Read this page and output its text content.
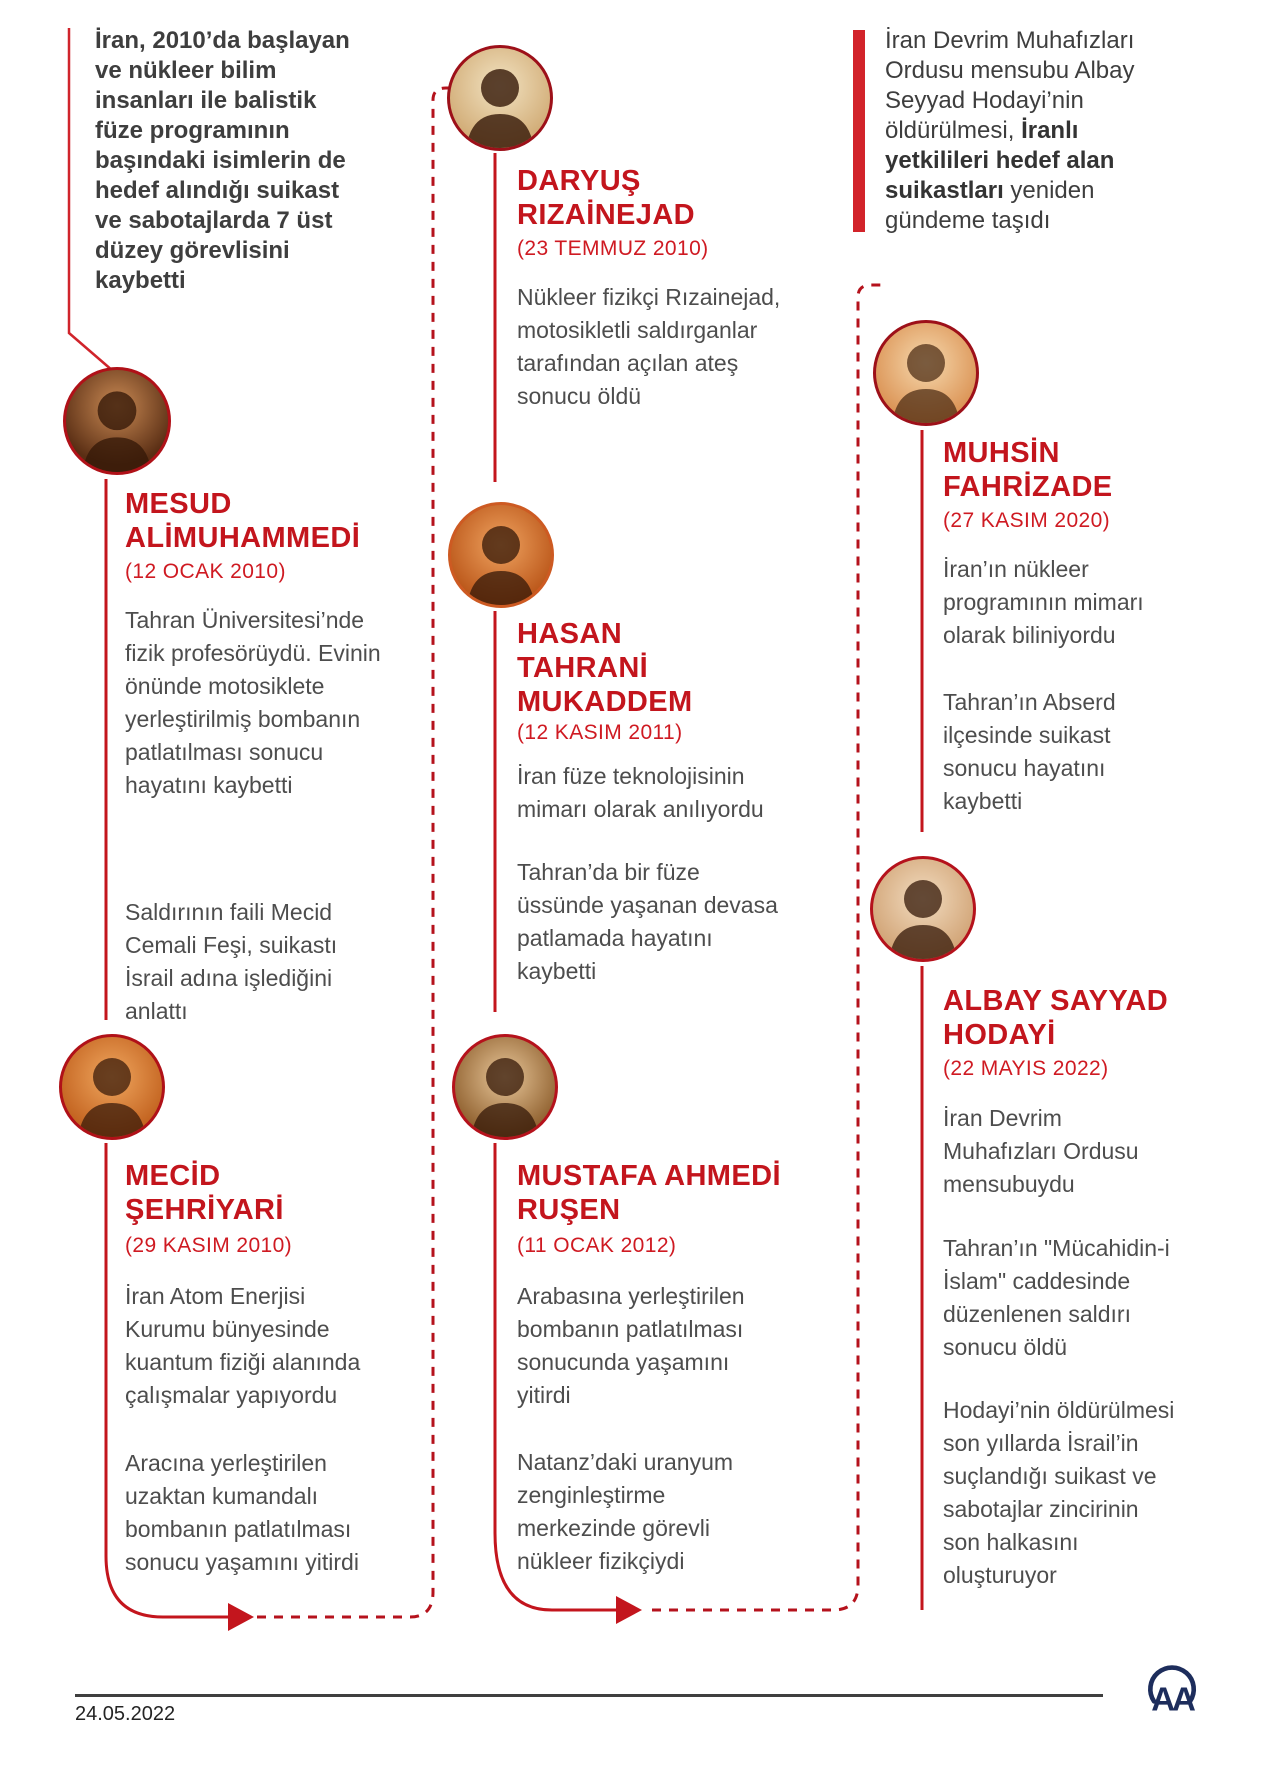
İran, 2010’da başlayan ve nükleer bilim insanları ile balistik füze programının başındaki isimlerin de hedef alındığı suikast ve sabotajlarda 7 üst düzey görevlisini kaybetti

İran Devrim Muhafızları Ordusu mensubu Albay Seyyad Hodayi’nin öldürülmesi, İranlı yetkilileri hedef alan suikastları yeniden gündeme taşıdı

MESUD ALİMUHAMMEDİ
(12 OCAK 2010)

Tahran Üniversitesi’nde fizik profesörüydü. Evinin önünde motosiklete yerleştirilmiş bombanın patlatılması sonucu hayatını kaybetti

Saldırının faili Mecid Cemali Feşi, suikastı İsrail adına işlediğini anlattı

MECİD ŞEHRİYARİ
(29 KASIM 2010)

İran Atom Enerjisi Kurumu bünyesinde kuantum fiziği alanında çalışmalar yapıyordu

Aracına yerleştirilen uzaktan kumandalı bombanın patlatılması sonucu yaşamını yitirdi

DARYUŞ RIZAİNEJAD
(23 TEMMUZ 2010)

Nükleer fizikçi Rızainejad, motosikletli saldırganlar tarafından açılan ateş sonucu öldü

HASAN TAHRANİ MUKADDEM
(12 KASIM 2011)

İran füze teknolojisinin mimarı olarak anılıyordu

Tahran’da bir füze üssünde yaşanan devasa patlamada hayatını kaybetti

MUSTAFA AHMEDİ RUŞEN
(11 OCAK 2012)

Arabasına yerleştirilen bombanın patlatılması sonucunda yaşamını yitirdi

Natanz’daki uranyum zenginleştirme merkezinde görevli nükleer fizikçiydi

MUHSİN FAHRİZADE
(27 KASIM 2020)

İran’ın nükleer programının mimarı olarak biliniyordu

Tahran’ın Abserd ilçesinde suikast sonucu hayatını kaybetti

ALBAY SAYYAD HODAYİ
(22 MAYIS 2022)

İran Devrim Muhafızları Ordusu mensubuydu

Tahran’ın "Mücahidin-i İslam" caddesinde düzenlenen saldırı sonucu öldü

Hodayi’nin öldürülmesi son yıllarda İsrail’in suçlandığı suikast ve sabotajlar zincirinin son halkasını oluşturuyor

24.05.2022	AA
